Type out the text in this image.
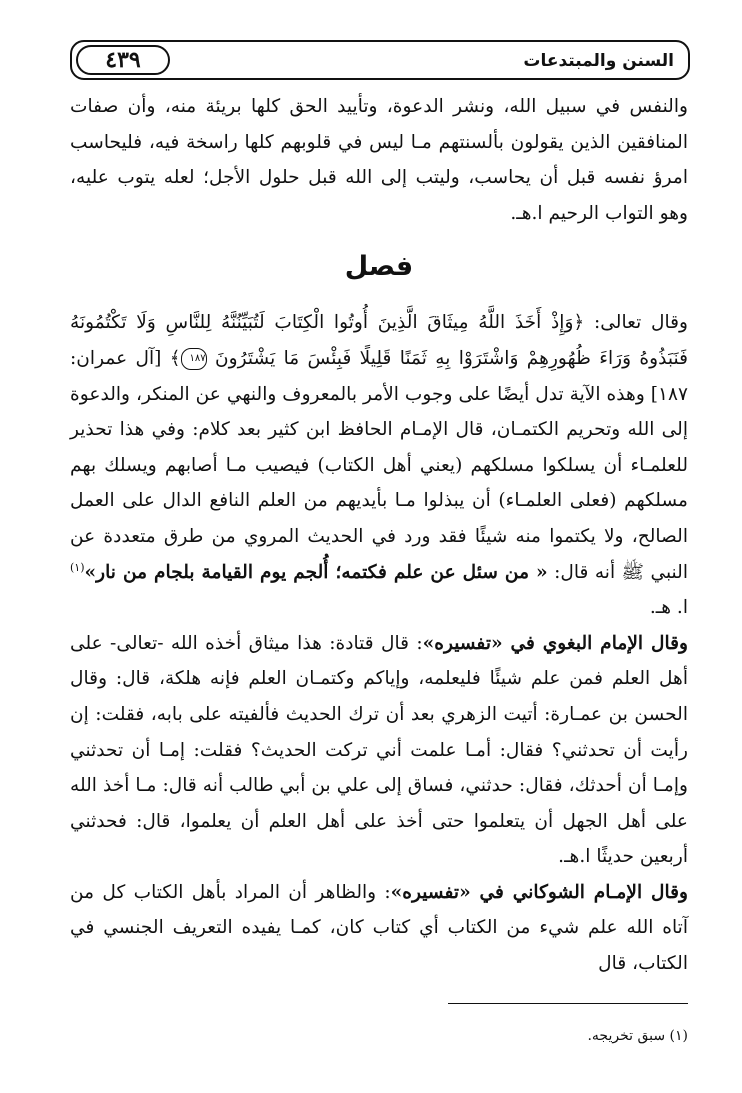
٤٣٩	السنن والمبتدعات

والنفس في سبيل الله، ونشر الدعوة، وتأييد الحق كلها بريئة منه، وأن صفات المنافقين الذين يقولون بألسنتهم مـا ليس في قلوبهم كلها راسخة فيه، فليحاسب امرؤ نفسه قبل أن يحاسب، وليتب إلى الله قبل حلول الأجل؛ لعله يتوب عليه، وهو التواب الرحيم ا.هـ.

فصل

وقال تعالى: ﴿وَإِذْ أَخَذَ اللَّهُ مِيثَاقَ الَّذِينَ أُوتُوا الْكِتَابَ لَتُبَيِّنُنَّهُ لِلنَّاسِ وَلَا تَكْتُمُونَهُ فَنَبَذُوهُ وَرَاءَ ظُهُورِهِمْ وَاشْتَرَوْا بِهِ ثَمَنًا قَلِيلًا فَبِئْسَ مَا يَشْتَرُونَ ١٨٧﴾ [آل عمران: ١٨٧] وهذه الآية تدل أيضًا على وجوب الأمر بالمعروف والنهي عن المنكر، والدعوة إلى الله وتحريم الكتمـان، قال الإمـام الحافظ ابن كثير بعد كلام: وفي هذا تحذير للعلمـاء أن يسلكوا مسلكهم (يعني أهل الكتاب) فيصيب مـا أصابهم ويسلك بهم مسلكهم (فعلى العلمـاء) أن يبذلوا مـا بأيديهم من العلم النافع الدال على العمل الصالح، ولا يكتموا منه شيئًا فقد ورد في الحديث المروي من طرق متعددة عن النبي ﷺ أنه قال: « من سئل عن علم فكتمه؛ أُلجم يوم القيامة بلجام من نار»$^{(١)}$ ا. هـ.

وقال الإمام البغوي في «تفسيره»: قال قتادة: هذا ميثاق أخذه الله -تعالى- على أهل العلم فمن علم شيئًا فليعلمه، وإياكم وكتمـان العلم فإنه هلكة، قال: وقال الحسن بن عمـارة: أتيت الزهري بعد أن ترك الحديث فألفيته على بابه، فقلت: إن رأيت أن تحدثني؟ فقال: أمـا علمت أني تركت الحديث؟ فقلت: إمـا أن تحدثني وإمـا أن أحدثك، فقال: حدثني، فساق إلى علي بن أبي طالب أنه قال: مـا أخذ الله على أهل الجهل أن يتعلموا حتى أخذ على أهل العلم أن يعلموا، قال: فحدثني أربعين حديثًا ا.هـ.

وقال الإمـام الشوكاني في «تفسيره»: والظاهر أن المراد بأهل الكتاب كل من آتاه الله علم شيء من الكتاب أي كتاب كان، كمـا يفيده التعريف الجنسي في الكتاب، قال

(١) سبق تخريجه.
